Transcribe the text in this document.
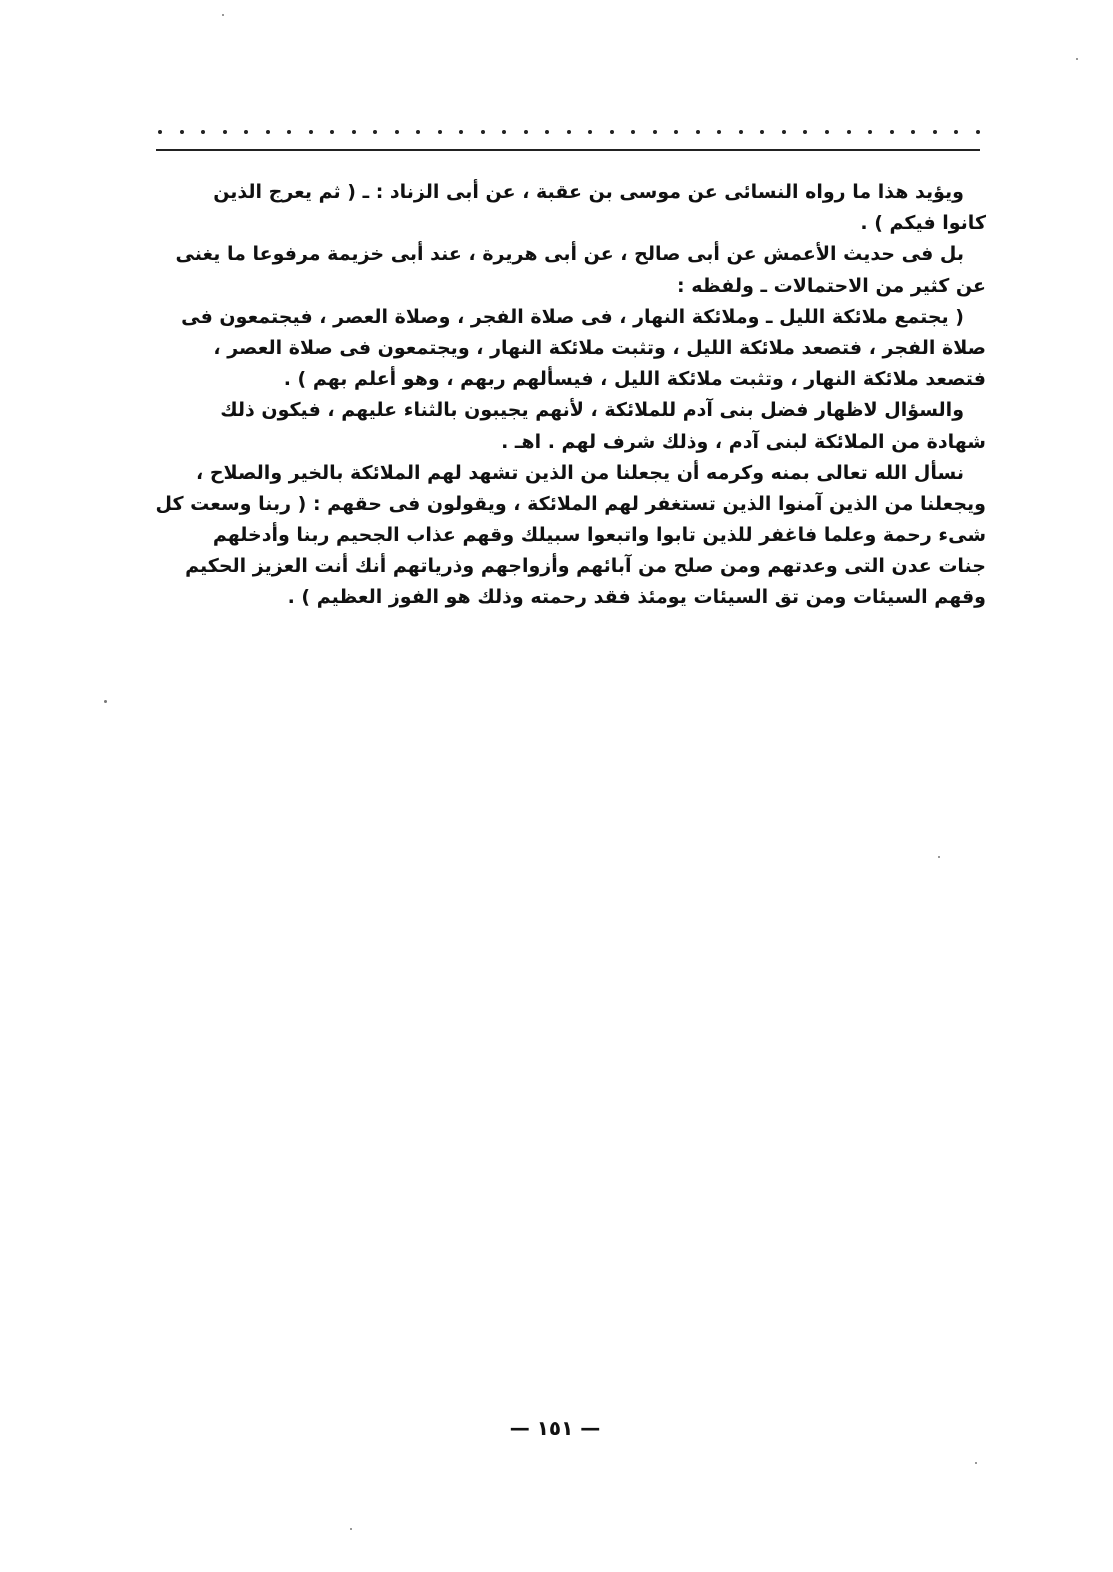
ويؤيد هذا ما رواه النسائى عن موسى بن عقبة ، عن أبى الزناد : ـ ( ثم يعرج الذين
كانوا فيكم ) .
بل فى حديث الأعمش عن أبى صالح ، عن أبى هريرة ، عند أبى خزيمة مرفوعا ما يغنى
عن كثير من الاحتمالات ـ ولفظه :
( يجتمع ملائكة الليل ـ وملائكة النهار ، فى صلاة الفجر ، وصلاة العصر ، فيجتمعون فى
صلاة الفجر ، فتصعد ملائكة الليل ، وتثبت ملائكة النهار ، ويجتمعون فى صلاة العصر ،
فتصعد ملائكة النهار ، وتثبت ملائكة الليل ، فيسألهم ربهم ، وهو أعلم بهم ) .
والسؤال لاظهار فضل بنى آدم للملائكة ، لأنهم يجيبون بالثناء عليهم ، فيكون ذلك
شهادة من الملائكة لبنى آدم ، وذلك شرف لهم . اهـ .
نسأل الله تعالى بمنه وكرمه أن يجعلنا من الذين تشهد لهم الملائكة بالخير والصلاح ،
ويجعلنا من الذين آمنوا الذين تستغفر لهم الملائكة ، ويقولون فى حقهم : ( ربنا وسعت كل
شىء رحمة وعلما فاغفر للذين تابوا واتبعوا سبيلك وقهم عذاب الجحيم ربنا وأدخلهم
جنات عدن التى وعدتهم ومن صلح من آبائهم وأزواجهم وذرياتهم أنك أنت العزيز الحكيم
وقهم السيئات ومن تق السيئات يومئذ فقد رحمته وذلك هو الفوز العظيم ) .
— ١٥١ —
